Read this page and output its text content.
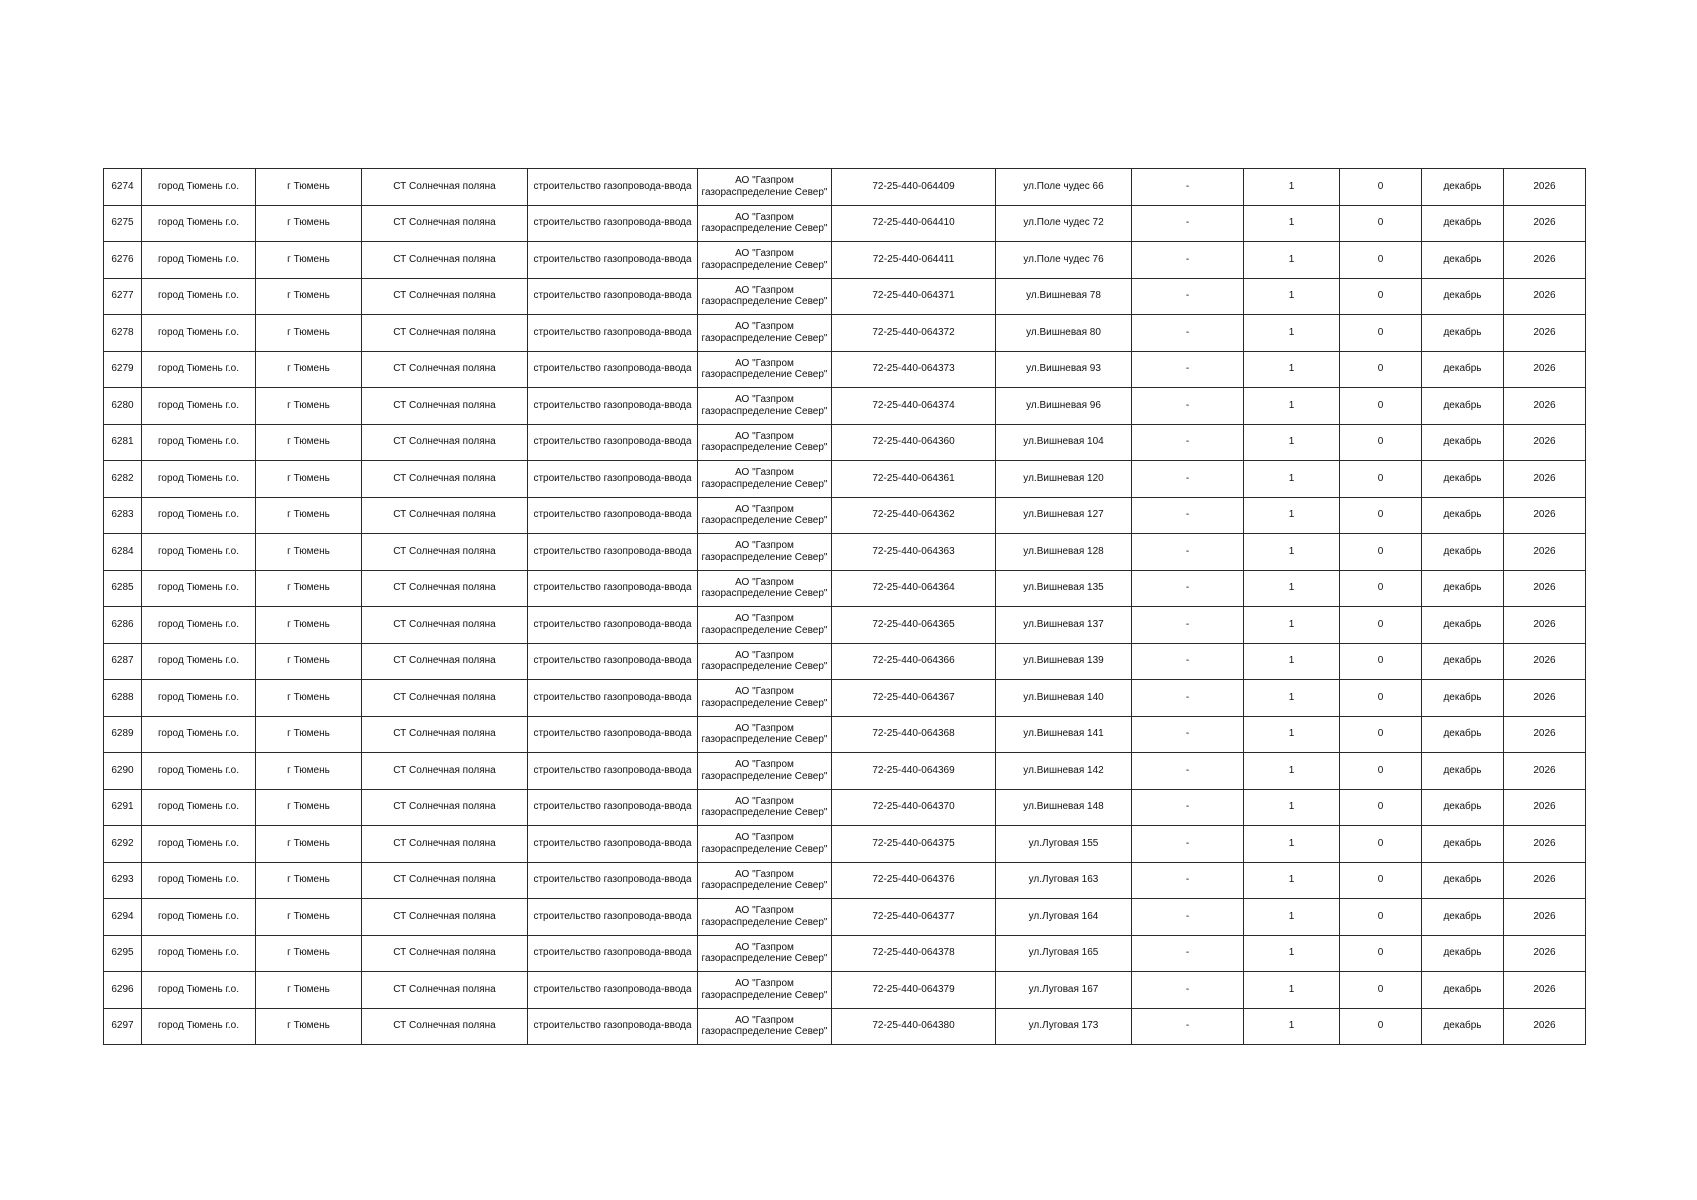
6274	город Тюмень г.о.	г Тюмень	СТ Солнечная поляна	строительство газопровода-ввода	АО "Газпром
газораспределение Север"	72-25-440-064409	ул.Поле чудес 66	-	1	0	декабрь	2026
6275	город Тюмень г.о.	г Тюмень	СТ Солнечная поляна	строительство газопровода-ввода	АО "Газпром
газораспределение Север"	72-25-440-064410	ул.Поле чудес 72	-	1	0	декабрь	2026
6276	город Тюмень г.о.	г Тюмень	СТ Солнечная поляна	строительство газопровода-ввода	АО "Газпром
газораспределение Север"	72-25-440-064411	ул.Поле чудес 76	-	1	0	декабрь	2026
6277	город Тюмень г.о.	г Тюмень	СТ Солнечная поляна	строительство газопровода-ввода	АО "Газпром
газораспределение Север"	72-25-440-064371	ул.Вишневая 78	-	1	0	декабрь	2026
6278	город Тюмень г.о.	г Тюмень	СТ Солнечная поляна	строительство газопровода-ввода	АО "Газпром
газораспределение Север"	72-25-440-064372	ул.Вишневая 80	-	1	0	декабрь	2026
6279	город Тюмень г.о.	г Тюмень	СТ Солнечная поляна	строительство газопровода-ввода	АО "Газпром
газораспределение Север"	72-25-440-064373	ул.Вишневая 93	-	1	0	декабрь	2026
6280	город Тюмень г.о.	г Тюмень	СТ Солнечная поляна	строительство газопровода-ввода	АО "Газпром
газораспределение Север"	72-25-440-064374	ул.Вишневая 96	-	1	0	декабрь	2026
6281	город Тюмень г.о.	г Тюмень	СТ Солнечная поляна	строительство газопровода-ввода	АО "Газпром
газораспределение Север"	72-25-440-064360	ул.Вишневая 104	-	1	0	декабрь	2026
6282	город Тюмень г.о.	г Тюмень	СТ Солнечная поляна	строительство газопровода-ввода	АО "Газпром
газораспределение Север"	72-25-440-064361	ул.Вишневая 120	-	1	0	декабрь	2026
6283	город Тюмень г.о.	г Тюмень	СТ Солнечная поляна	строительство газопровода-ввода	АО "Газпром
газораспределение Север"	72-25-440-064362	ул.Вишневая 127	-	1	0	декабрь	2026
6284	город Тюмень г.о.	г Тюмень	СТ Солнечная поляна	строительство газопровода-ввода	АО "Газпром
газораспределение Север"	72-25-440-064363	ул.Вишневая 128	-	1	0	декабрь	2026
6285	город Тюмень г.о.	г Тюмень	СТ Солнечная поляна	строительство газопровода-ввода	АО "Газпром
газораспределение Север"	72-25-440-064364	ул.Вишневая 135	-	1	0	декабрь	2026
6286	город Тюмень г.о.	г Тюмень	СТ Солнечная поляна	строительство газопровода-ввода	АО "Газпром
газораспределение Север"	72-25-440-064365	ул.Вишневая 137	-	1	0	декабрь	2026
6287	город Тюмень г.о.	г Тюмень	СТ Солнечная поляна	строительство газопровода-ввода	АО "Газпром
газораспределение Север"	72-25-440-064366	ул.Вишневая 139	-	1	0	декабрь	2026
6288	город Тюмень г.о.	г Тюмень	СТ Солнечная поляна	строительство газопровода-ввода	АО "Газпром
газораспределение Север"	72-25-440-064367	ул.Вишневая 140	-	1	0	декабрь	2026
6289	город Тюмень г.о.	г Тюмень	СТ Солнечная поляна	строительство газопровода-ввода	АО "Газпром
газораспределение Север"	72-25-440-064368	ул.Вишневая 141	-	1	0	декабрь	2026
6290	город Тюмень г.о.	г Тюмень	СТ Солнечная поляна	строительство газопровода-ввода	АО "Газпром
газораспределение Север"	72-25-440-064369	ул.Вишневая 142	-	1	0	декабрь	2026
6291	город Тюмень г.о.	г Тюмень	СТ Солнечная поляна	строительство газопровода-ввода	АО "Газпром
газораспределение Север"	72-25-440-064370	ул.Вишневая 148	-	1	0	декабрь	2026
6292	город Тюмень г.о.	г Тюмень	СТ Солнечная поляна	строительство газопровода-ввода	АО "Газпром
газораспределение Север"	72-25-440-064375	ул.Луговая 155	-	1	0	декабрь	2026
6293	город Тюмень г.о.	г Тюмень	СТ Солнечная поляна	строительство газопровода-ввода	АО "Газпром
газораспределение Север"	72-25-440-064376	ул.Луговая 163	-	1	0	декабрь	2026
6294	город Тюмень г.о.	г Тюмень	СТ Солнечная поляна	строительство газопровода-ввода	АО "Газпром
газораспределение Север"	72-25-440-064377	ул.Луговая 164	-	1	0	декабрь	2026
6295	город Тюмень г.о.	г Тюмень	СТ Солнечная поляна	строительство газопровода-ввода	АО "Газпром
газораспределение Север"	72-25-440-064378	ул.Луговая 165	-	1	0	декабрь	2026
6296	город Тюмень г.о.	г Тюмень	СТ Солнечная поляна	строительство газопровода-ввода	АО "Газпром
газораспределение Север"	72-25-440-064379	ул.Луговая 167	-	1	0	декабрь	2026
6297	город Тюмень г.о.	г Тюмень	СТ Солнечная поляна	строительство газопровода-ввода	АО "Газпром
газораспределение Север"	72-25-440-064380	ул.Луговая 173	-	1	0	декабрь	2026
